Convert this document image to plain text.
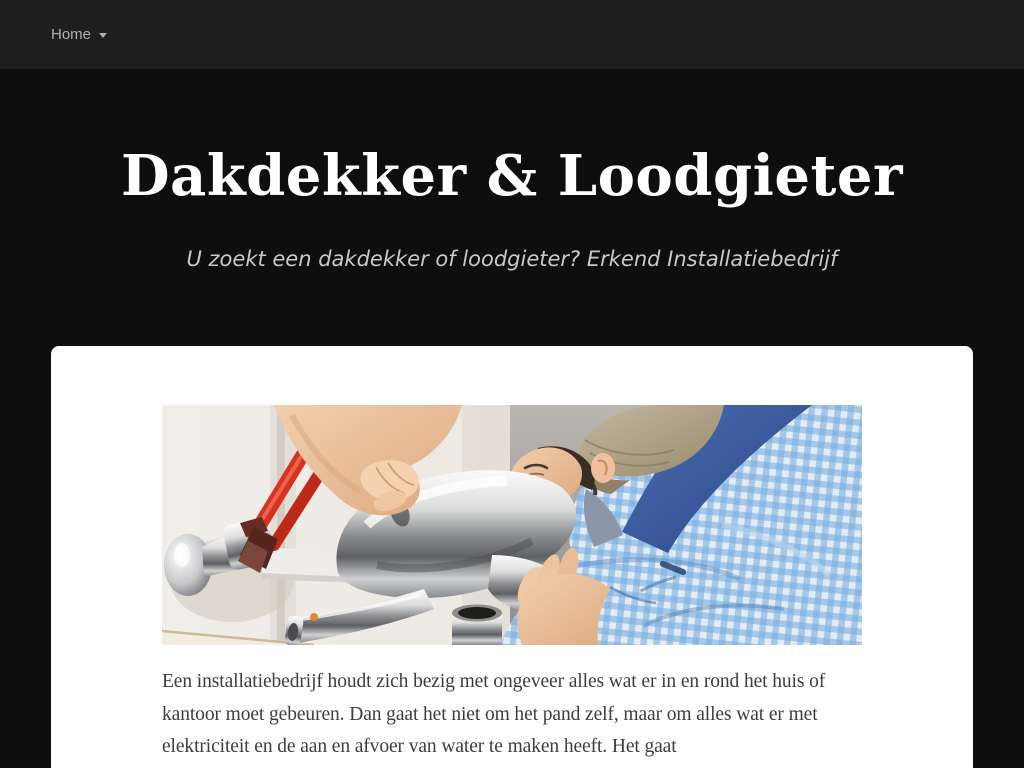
Home
Dakdekker & Loodgieter

U zoekt een dakdekker of loodgieter? Erkend Installatiebedrijf

Een installatiebedrijf houdt zich bezig met ongeveer alles wat er in en rond het huis of kantoor moet gebeuren. Dan gaat het niet om het pand zelf, maar om alles wat er met elektriciteit en de aan en afvoer van water te maken heeft. Het gaat
